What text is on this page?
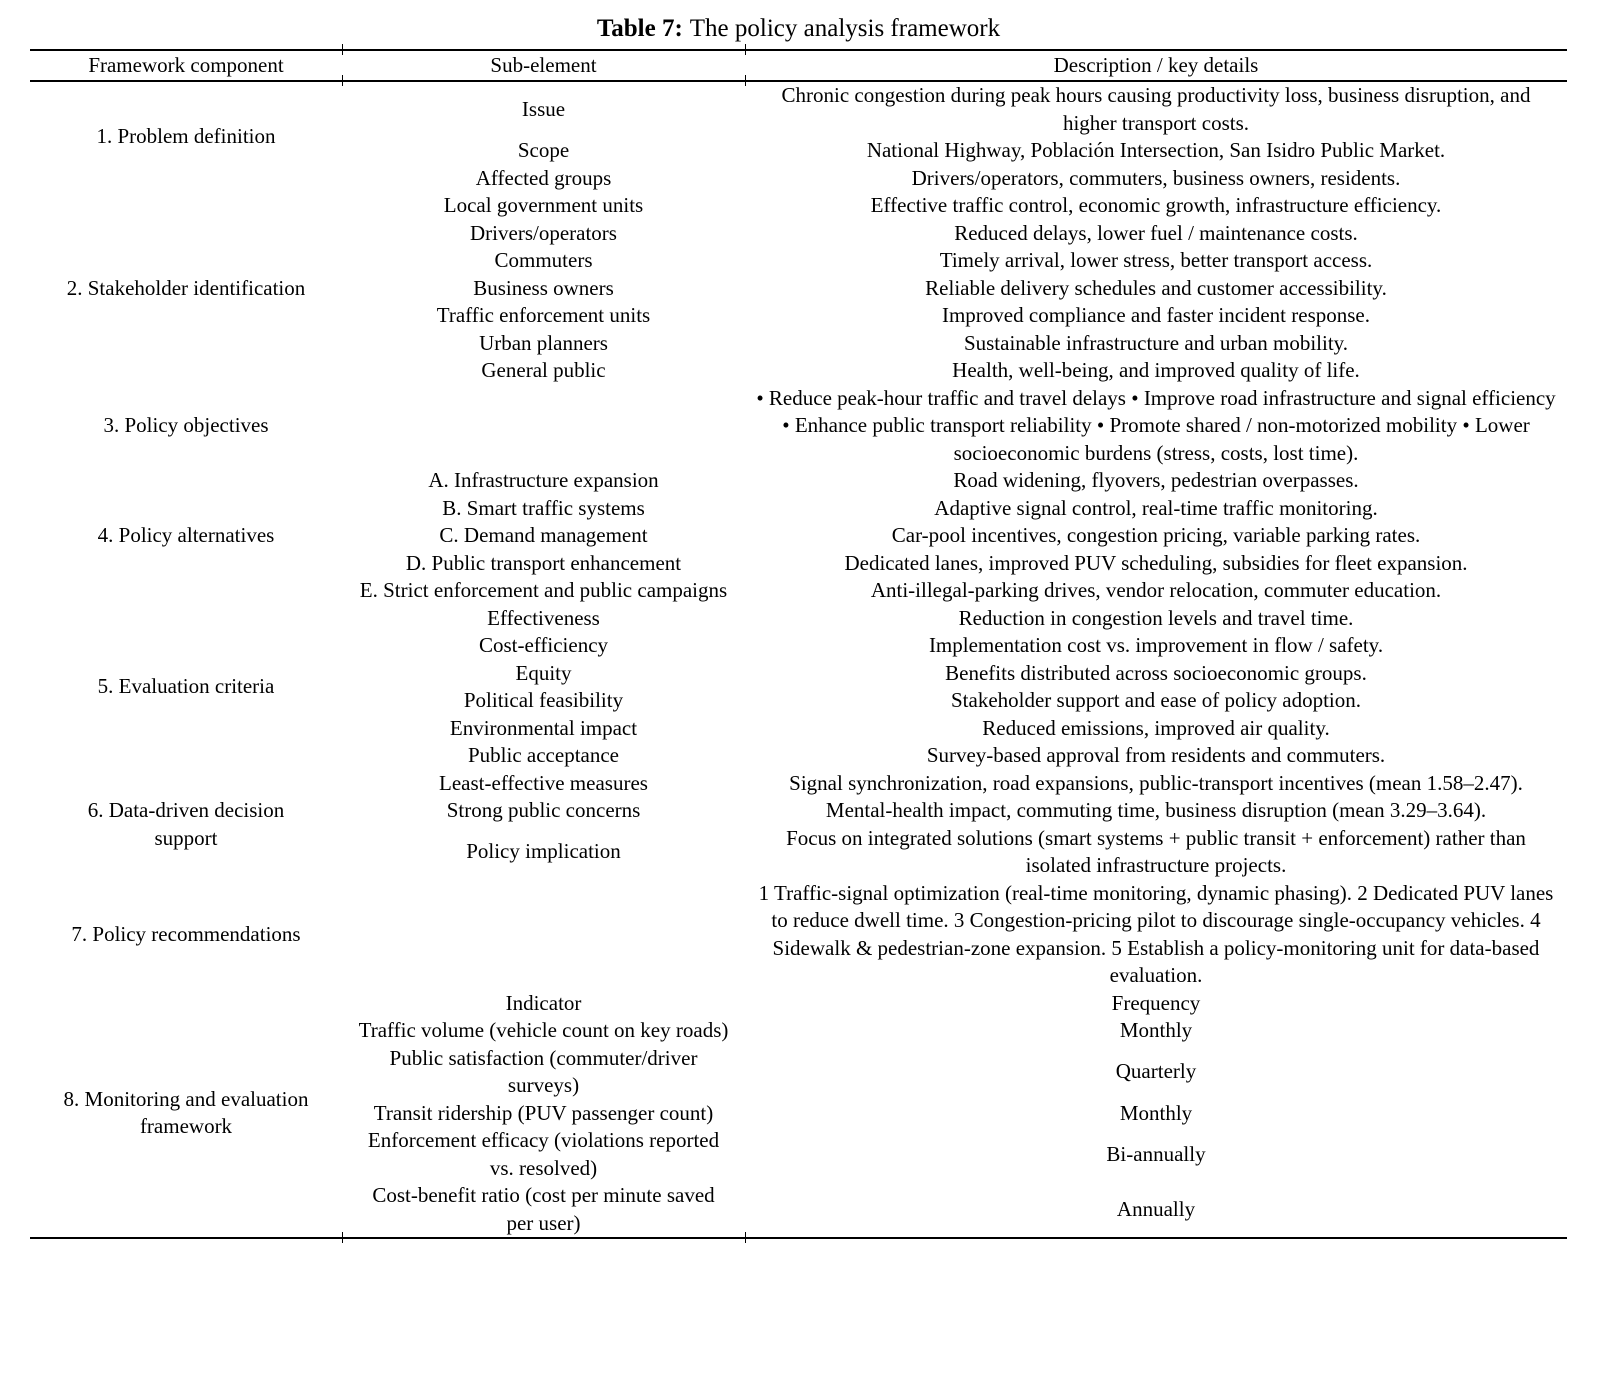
Table 7: The policy analysis framework
Framework component	Sub-element	Description / key details
1. Problem definition	Issue	Chronic congestion during peak hours causing productivity loss, business disruption, and higher transport costs.
	Scope	National Highway, Población Intersection, San Isidro Public Market.
	Affected groups	Drivers/operators, commuters, business owners, residents.
2. Stakeholder identification	Local government units	Effective traffic control, economic growth, infrastructure efficiency.
	Drivers/operators	Reduced delays, lower fuel / maintenance costs.
	Commuters	Timely arrival, lower stress, better transport access.
	Business owners	Reliable delivery schedules and customer accessibility.
	Traffic enforcement units	Improved compliance and faster incident response.
	Urban planners	Sustainable infrastructure and urban mobility.
	General public	Health, well-being, and improved quality of life.
3. Policy objectives		• Reduce peak-hour traffic and travel delays • Improve road infrastructure and signal efficiency • Enhance public transport reliability • Promote shared / non-motorized mobility • Lower socioeconomic burdens (stress, costs, lost time).
4. Policy alternatives	A. Infrastructure expansion	Road widening, flyovers, pedestrian overpasses.
	B. Smart traffic systems	Adaptive signal control, real-time traffic monitoring.
	C. Demand management	Car-pool incentives, congestion pricing, variable parking rates.
	D. Public transport enhancement	Dedicated lanes, improved PUV scheduling, subsidies for fleet expansion.
	E. Strict enforcement and public campaigns	Anti-illegal-parking drives, vendor relocation, commuter education.
5. Evaluation criteria	Effectiveness	Reduction in congestion levels and travel time.
	Cost-efficiency	Implementation cost vs. improvement in flow / safety.
	Equity	Benefits distributed across socioeconomic groups.
	Political feasibility	Stakeholder support and ease of policy adoption.
	Environmental impact	Reduced emissions, improved air quality.
	Public acceptance	Survey-based approval from residents and commuters.
6. Data-driven decision support	Least-effective measures	Signal synchronization, road expansions, public-transport incentives (mean 1.58–2.47).
	Strong public concerns	Mental-health impact, commuting time, business disruption (mean 3.29–3.64).
	Policy implication	Focus on integrated solutions (smart systems + public transit + enforcement) rather than isolated infrastructure projects.
7. Policy recommendations		1 Traffic-signal optimization (real-time monitoring, dynamic phasing). 2 Dedicated PUV lanes to reduce dwell time. 3 Congestion-pricing pilot to discourage single-occupancy vehicles. 4 Sidewalk & pedestrian-zone expansion. 5 Establish a policy-monitoring unit for data-based evaluation.
8. Monitoring and evaluation framework	Indicator	Frequency
	Traffic volume (vehicle count on key roads)	Monthly
	Public satisfaction (commuter/driver surveys)	Quarterly
	Transit ridership (PUV passenger count)	Monthly
	Enforcement efficacy (violations reported vs. resolved)	Bi-annually
	Cost-benefit ratio (cost per minute saved per user)	Annually
